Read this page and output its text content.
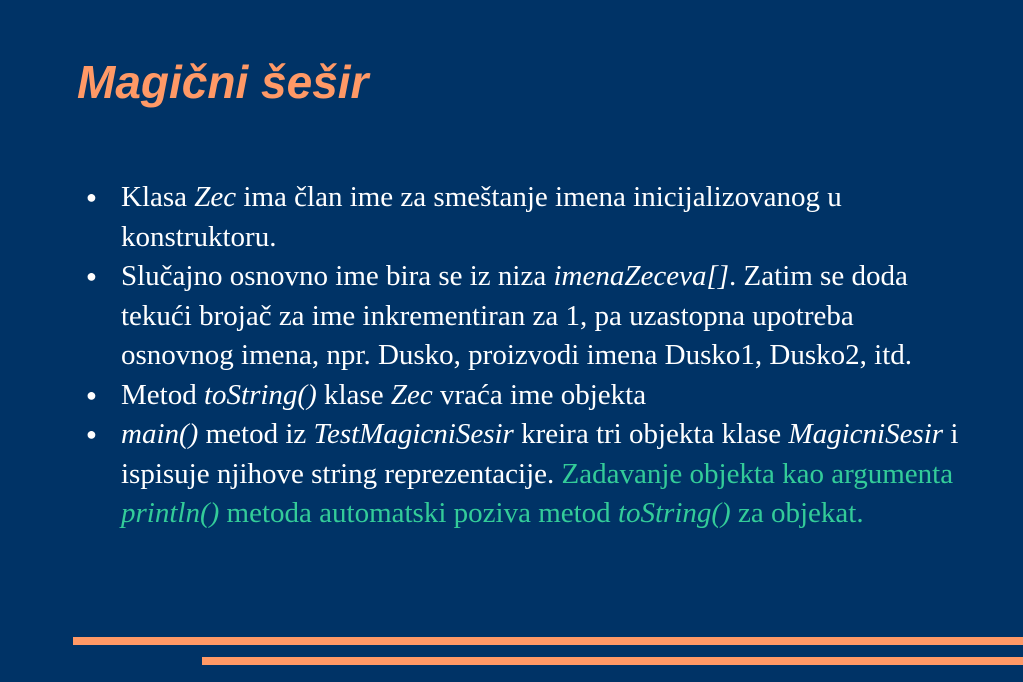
Magični šešir
● Klasa Zec ima član ime za smeštanje imena inicijalizovanog u konstruktoru.
● Slučajno osnovno ime bira se iz niza imenaZeceva[]. Zatim se doda tekući brojač za ime inkrementiran za 1, pa uzastopna upotreba osnovnog imena, npr. Dusko, proizvodi imena Dusko1, Dusko2, itd.
● Metod toString() klase Zec vraća ime objekta
● main() metod iz TestMagicniSesir kreira tri objekta klase MagicniSesir i ispisuje njihove string reprezentacije. Zadavanje objekta kao argumenta println() metoda automatski poziva metod toString() za objekat.
